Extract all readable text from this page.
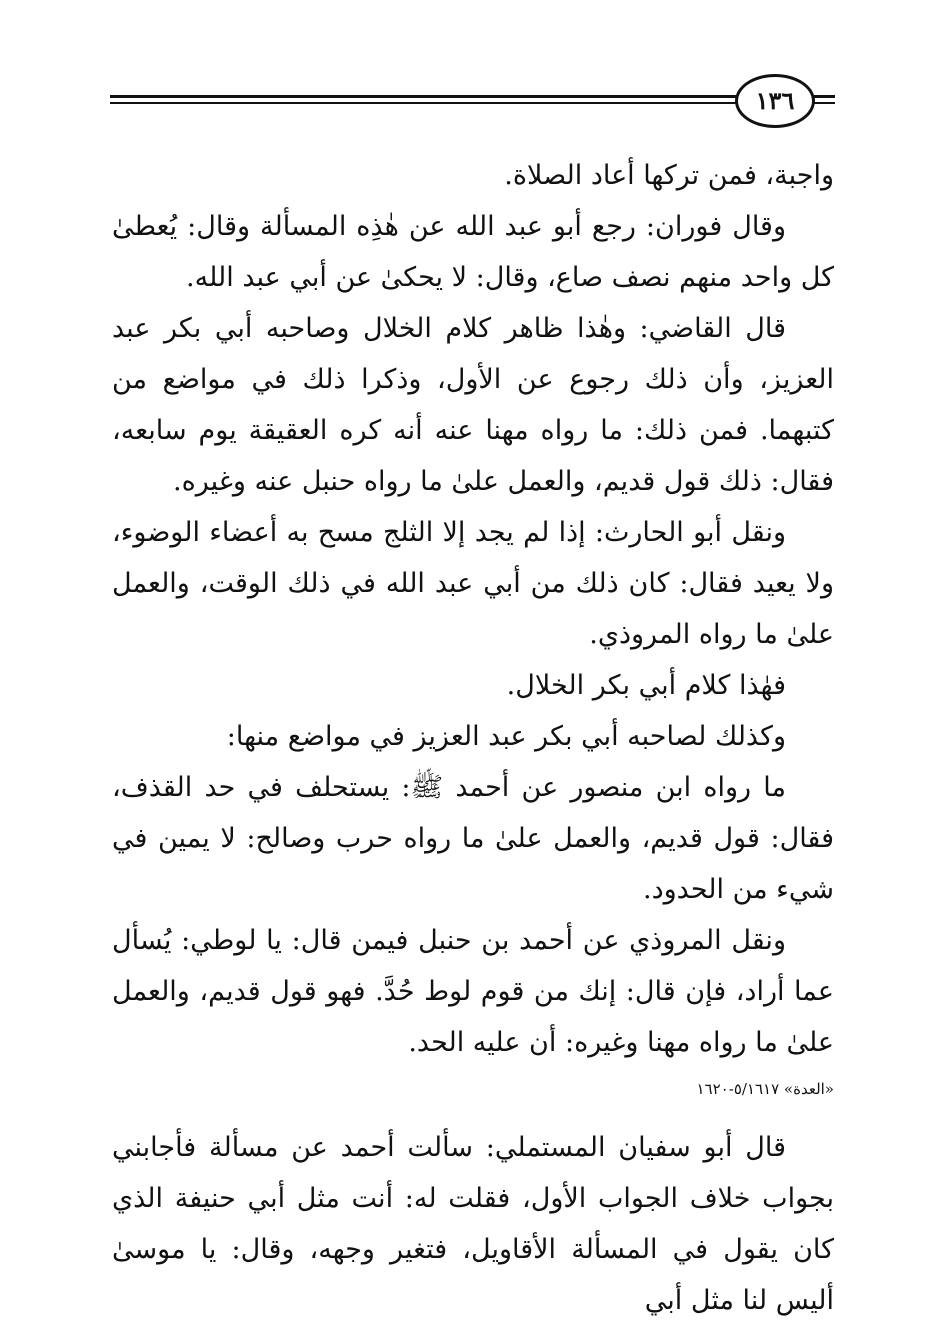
١٣٦

واجبة، فمن تركها أعاد الصلاة.

وقال فوران: رجع أبو عبد الله عن هٰذِه المسألة وقال: يُعطىٰ كل واحد منهم نصف صاع، وقال: لا يحكىٰ عن أبي عبد الله.

قال القاضي: وهٰذا ظاهر كلام الخلال وصاحبه أبي بكر عبد العزيز، وأن ذلك رجوع عن الأول، وذكرا ذلك في مواضع من كتبهما. فمن ذلك: ما رواه مهنا عنه أنه كره العقيقة يوم سابعه، فقال: ذلك قول قديم، والعمل علىٰ ما رواه حنبل عنه وغيره.

ونقل أبو الحارث: إذا لم يجد إلا الثلج مسح به أعضاء الوضوء، ولا يعيد فقال: كان ذلك من أبي عبد الله في ذلك الوقت، والعمل علىٰ ما رواه المروذي.

فهٰذا كلام أبي بكر الخلال.

وكذلك لصاحبه أبي بكر عبد العزيز في مواضع منها:

ما رواه ابن منصور عن أحمد ﷺ: يستحلف في حد القذف، فقال: قول قديم، والعمل علىٰ ما رواه حرب وصالح: لا يمين في شيء من الحدود.

ونقل المروذي عن أحمد بن حنبل فيمن قال: يا لوطي: يُسأل عما أراد، فإن قال: إنك من قوم لوط حُدَّ. فهو قول قديم، والعمل علىٰ ما رواه مهنا وغيره: أن عليه الحد.

«العدة» ٥/١٦١٧-١٦٢٠

قال أبو سفيان المستملي: سألت أحمد عن مسألة فأجابني بجواب خلاف الجواب الأول، فقلت له: أنت مثل أبي حنيفة الذي كان يقول في المسألة الأقاويل، فتغير وجهه، وقال: يا موسىٰ أليس لنا مثل أبي
